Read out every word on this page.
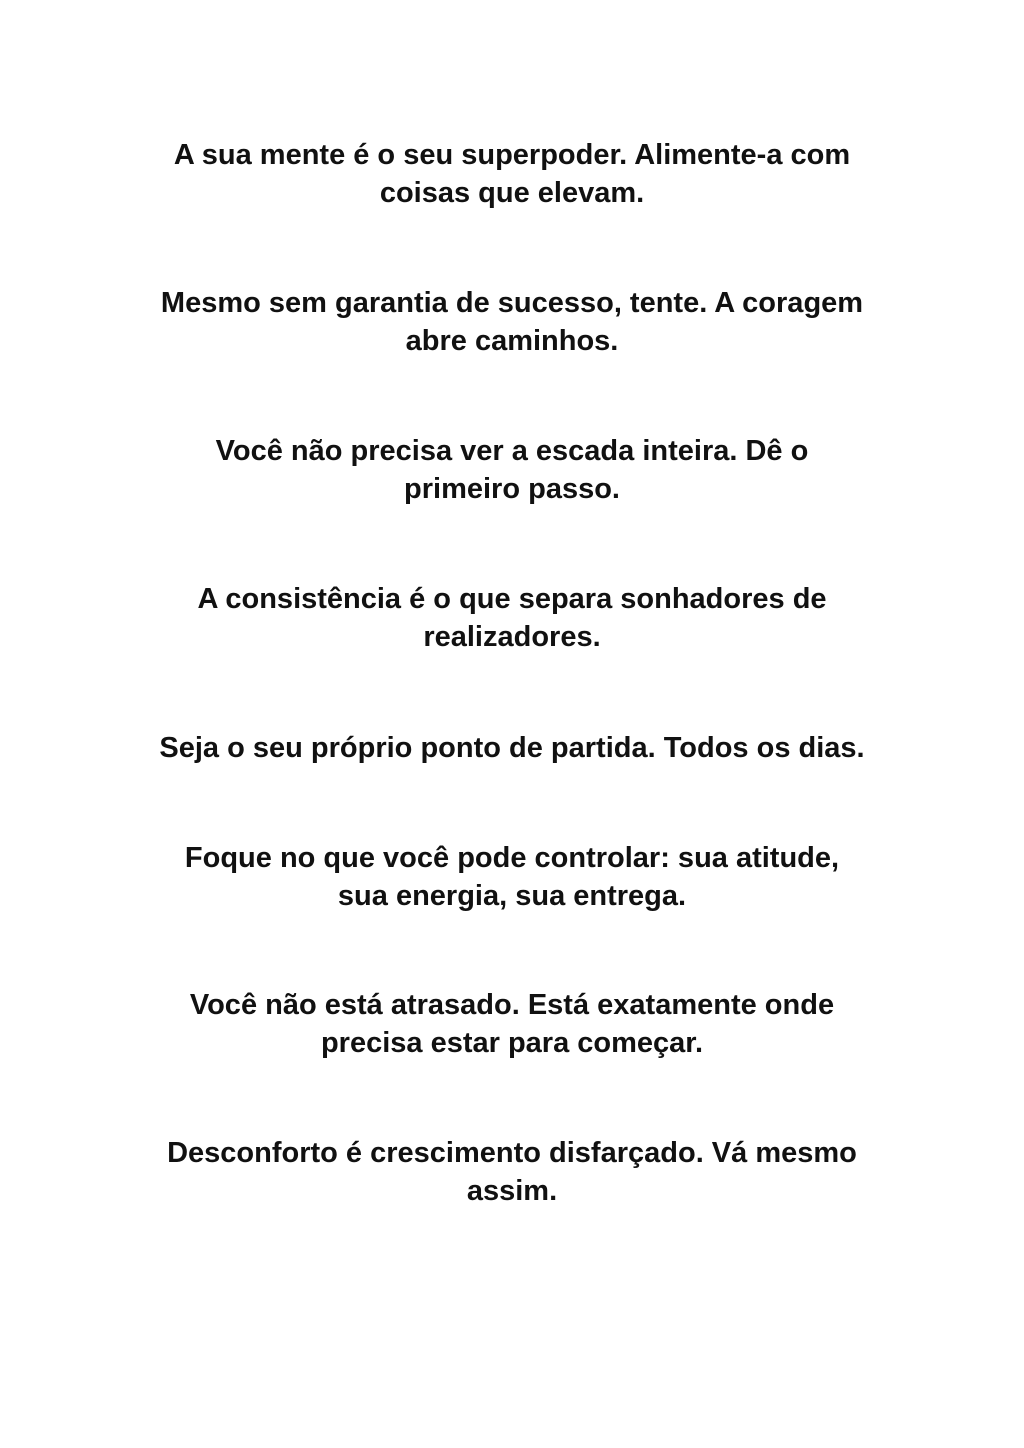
A sua mente é o seu superpoder. Alimente-a com
coisas que elevam.

Mesmo sem garantia de sucesso, tente. A coragem
abre caminhos.

Você não precisa ver a escada inteira. Dê o
primeiro passo.

A consistência é o que separa sonhadores de
realizadores.

Seja o seu próprio ponto de partida. Todos os dias.

Foque no que você pode controlar: sua atitude,
sua energia, sua entrega.

Você não está atrasado. Está exatamente onde
precisa estar para começar.

Desconforto é crescimento disfarçado. Vá mesmo
assim.
